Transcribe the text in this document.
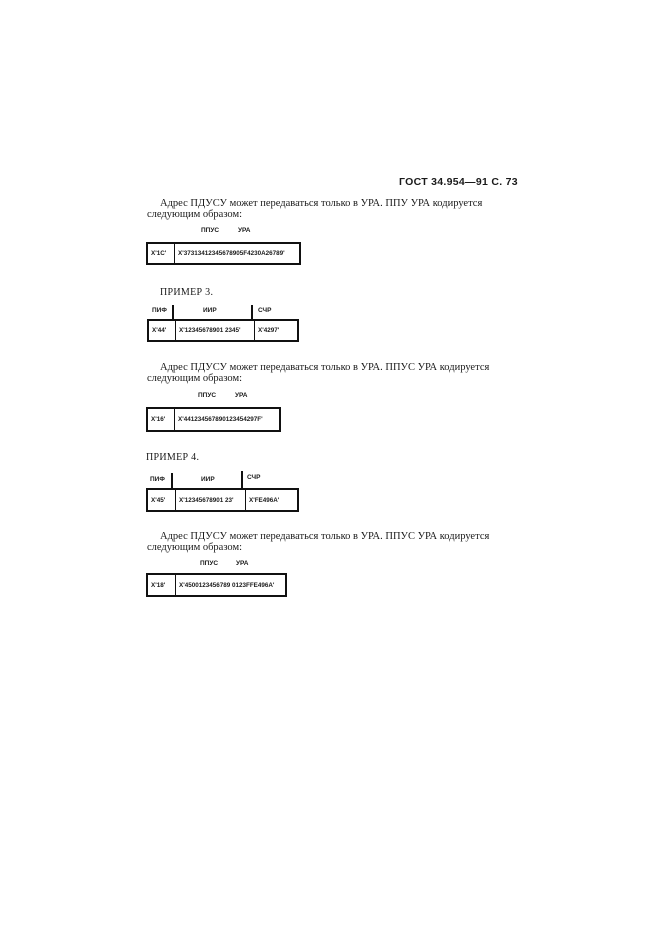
ГОСТ 34.954—91 С. 73
Адрес ПДУСУ может передаваться только в УРА. ППУ УРА кодируется
следующим образом:
ППУС	УРА
X'1C'	X'37313412345678905F4230A26789'
ПРИМЕР 3.
ПИФ	ИИР	СЧР
X'44'	X'12345678901 2345'	X'4297'
Адрес ПДУСУ может передаваться только в УРА. ППУС УРА кодируется
следующим образом:
ППУС	УРА
X'16'	X'441234567890123454297F'
ПРИМЕР 4.
ПИФ	ИИР	СЧР
X'45'	X'12345678901 23'	X'FE496A'
Адрес ПДУСУ может передаваться только в УРА. ППУС УРА кодируется
следующим образом:
ППУС	УРА
X'18'	X'4500123456789 0123FFE496A'
